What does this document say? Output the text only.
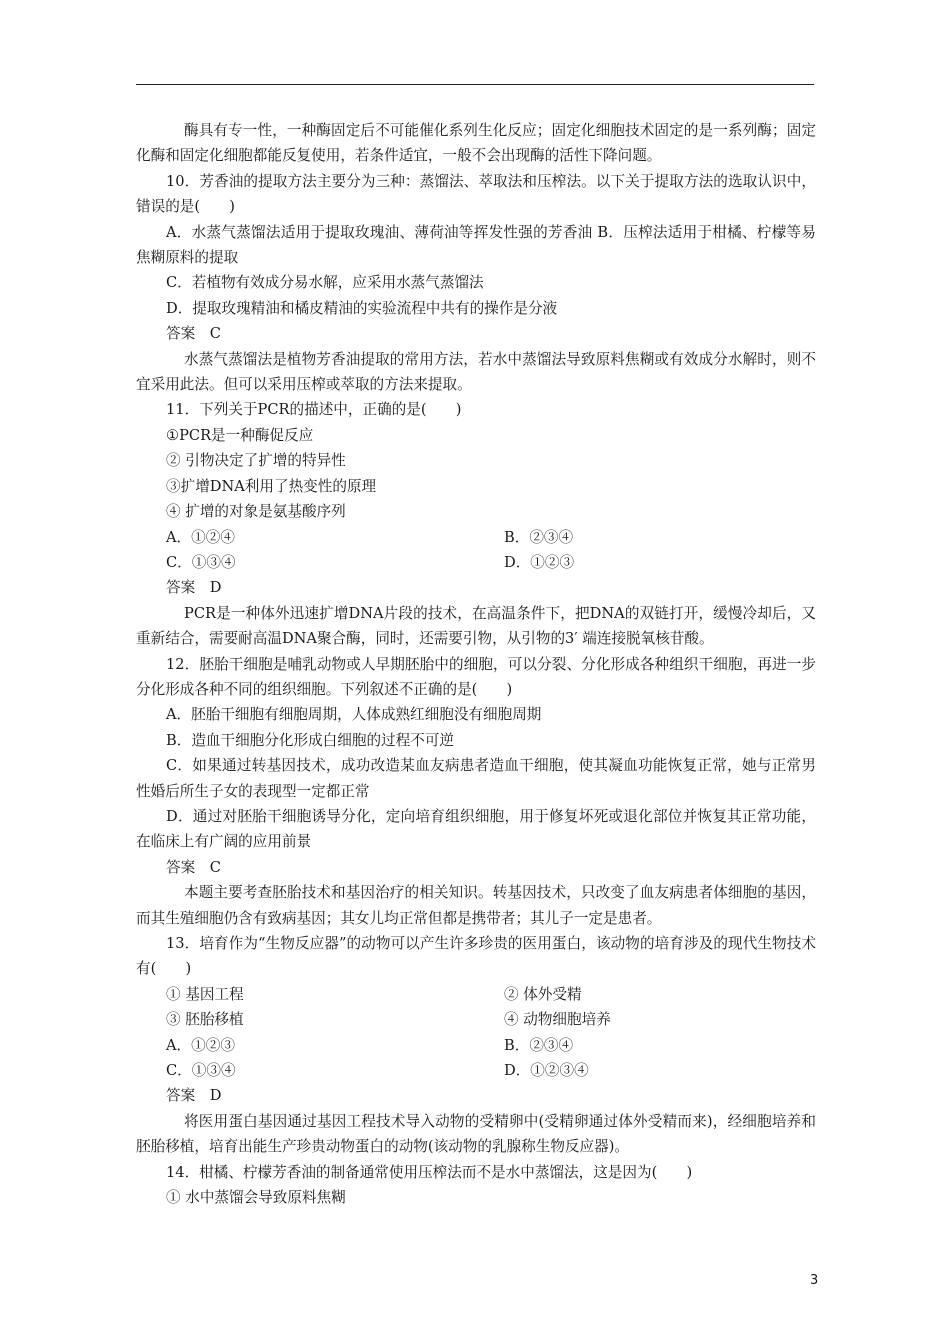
酶具有专一性，一种酶固定后不可能催化系列生化反应；固定化细胞技术固定的是一系列酶；固定化酶和固定化细胞都能反复使用，若条件适宜，一般不会出现酶的活性下降问题。

10．芳香油的提取方法主要分为三种：蒸馏法、萃取法和压榨法。以下关于提取方法的选取认识中，错误的是(　　)

A．水蒸气蒸馏法适用于提取玫瑰油、薄荷油等挥发性强的芳香油 B．压榨法适用于柑橘、柠檬等易焦糊原料的提取

C．若植物有效成分易水解，应采用水蒸气蒸馏法

D．提取玫瑰精油和橘皮精油的实验流程中共有的操作是分液

答案　C

水蒸气蒸馏法是植物芳香油提取的常用方法，若水中蒸馏法导致原料焦糊或有效成分水解时，则不宜采用此法。但可以采用压榨或萃取的方法来提取。

11．下列关于PCR的描述中，正确的是(　　)

①PCR是一种酶促反应

② 引物决定了扩增的特异性

③扩增DNA利用了热变性的原理

④ 扩增的对象是氨基酸序列

A．①②④	B．②③④
C．①③④	D．①②③

答案　D

PCR是一种体外迅速扩增DNA片段的技术，在高温条件下，把DNA的双链打开，缓慢冷却后，又重新结合，需要耐高温DNA聚合酶，同时，还需要引物，从引物的3′ 端连接脱氧核苷酸。

12．胚胎干细胞是哺乳动物或人早期胚胎中的细胞，可以分裂、分化形成各种组织干细胞，再进一步分化形成各种不同的组织细胞。下列叙述不正确的是(　　)

A．胚胎干细胞有细胞周期，人体成熟红细胞没有细胞周期

B．造血干细胞分化形成白细胞的过程不可逆

C．如果通过转基因技术，成功改造某血友病患者造血干细胞，使其凝血功能恢复正常，她与正常男性婚后所生子女的表现型一定都正常

D．通过对胚胎干细胞诱导分化，定向培育组织细胞，用于修复坏死或退化部位并恢复其正常功能，在临床上有广阔的应用前景

答案　C

本题主要考查胚胎技术和基因治疗的相关知识。转基因技术，只改变了血友病患者体细胞的基因，而其生殖细胞仍含有致病基因；其女儿均正常但都是携带者；其儿子一定是患者。

13．培育作为“生物反应器”的动物可以产生许多珍贵的医用蛋白，该动物的培育涉及的现代生物技术有(　　)

① 基因工程	② 体外受精
③ 胚胎移植	④ 动物细胞培养
A．①②③	B．②③④
C．①③④	D．①②③④

答案　D

将医用蛋白基因通过基因工程技术导入动物的受精卵中(受精卵通过体外受精而来)，经细胞培养和胚胎移植，培育出能生产珍贵动物蛋白的动物(该动物的乳腺称生物反应器)。

14．柑橘、柠檬芳香油的制备通常使用压榨法而不是水中蒸馏法，这是因为(　　)

① 水中蒸馏会导致原料焦糊

3
